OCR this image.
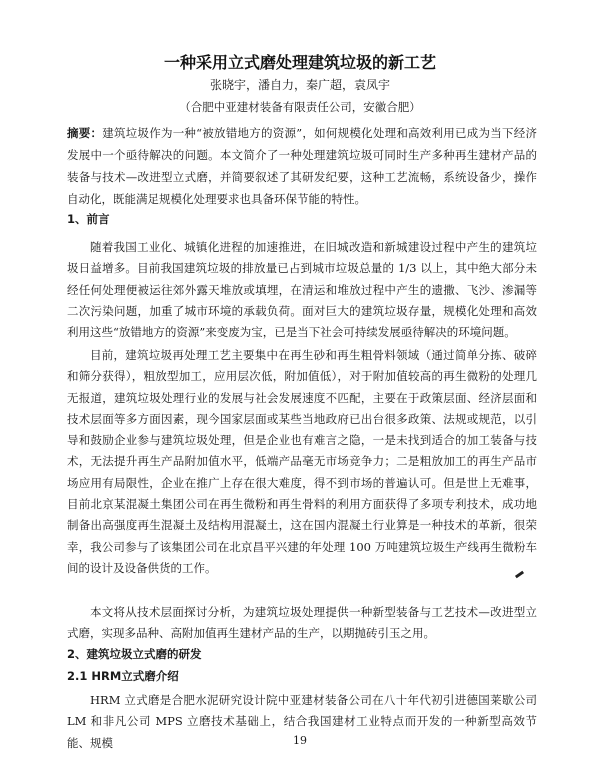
一种采用立式磨处理建筑垃圾的新工艺
张晓宇，潘自力，秦广超，袁凤宇
（合肥中亚建材装备有限责任公司，安徽合肥）

摘要：建筑垃圾作为一种“被放错地方的资源”，如何规模化处理和高效利用已成为当下经济发展中一个亟待解决的问题。本文简介了一种处理建筑垃圾可同时生产多种再生建材产品的装备与技术—改进型立式磨，并简要叙述了其研发纪要，这种工艺流畅，系统设备少，操作自动化，既能满足规模化处理要求也具备环保节能的特性。

1、前言

随着我国工业化、城镇化进程的加速推进，在旧城改造和新城建设过程中产生的建筑垃圾日益增多。目前我国建筑垃圾的排放量已占到城市垃圾总量的 1/3 以上，其中绝大部分未经任何处理便被运往郊外露天堆放或填埋，在清运和堆放过程中产生的遗撒、飞沙、渗漏等二次污染问题，加重了城市环境的承载负荷。面对巨大的建筑垃圾存量，规模化处理和高效利用这些“放错地方的资源”来变废为宝，已是当下社会可持续发展亟待解决的环境问题。

目前，建筑垃圾再处理工艺主要集中在再生砂和再生粗骨料领域（通过简单分拣、破碎和筛分获得），粗放型加工，应用层次低，附加值低），对于附加值较高的再生微粉的处理几无报道，建筑垃圾处理行业的发展与社会发展速度不匹配，主要在于政策层面、经济层面和技术层面等多方面因素，现今国家层面或某些当地政府已出台很多政策、法规或规范，以引导和鼓励企业参与建筑垃圾处理，但是企业也有难言之隐，一是未找到适合的加工装备与技术，无法提升再生产品附加值水平，低端产品毫无市场竞争力；二是粗放加工的再生产品市场应用有局限性，企业在推广上存在很大难度，得不到市场的普遍认可。但是世上无难事，目前北京某混凝土集团公司在再生微粉和再生骨料的利用方面获得了多项专利技术，成功地制备出高强度再生混凝土及结构用混凝土，这在国内混凝土行业算是一种技术的革新，很荣幸，我公司参与了该集团公司在北京昌平兴建的年处理 100 万吨建筑垃圾生产线再生微粉车间的设计及设备供货的工作。

本文将从技术层面探讨分析，为建筑垃圾处理提供一种新型装备与工艺技术—改进型立式磨，实现多品种、高附加值再生建材产品的生产，以期抛砖引玉之用。

2、建筑垃圾立式磨的研发
2.1 HRM立式磨介绍

HRM 立式磨是合肥水泥研究设计院中亚建材装备公司在八十年代初引进德国莱歇公司 LM 和非凡公司 MPS 立磨技术基础上，结合我国建材工业特点而开发的一种新型高效节能、规模	19
